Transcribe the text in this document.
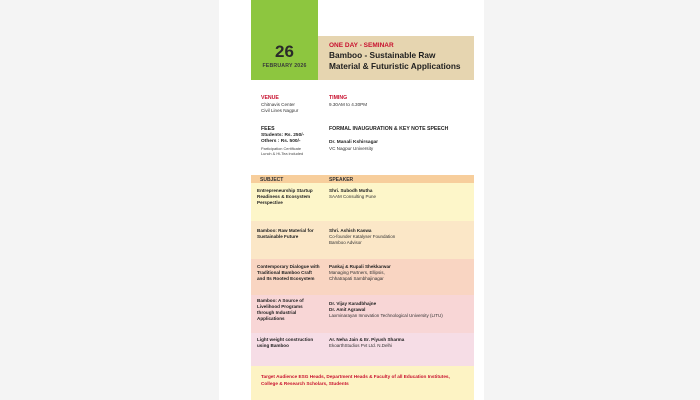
26
FEBRUARY 2026
ONE DAY - SEMINAR
Bamboo - Sustainable Raw Material & Futuristic Applications
VENUE
Chitnavis Center
Civil Lines Nagpur
TIMING
9.30AM to 4.30PM
FEES
Students: Rs. 250/-
Others : Rs. 500/-
Participation Certificate
Lunch & Hi-Tea included
FORMAL INAUGURATION & KEY NOTE SPEECH
Dr. Manali Kshirsagar
VC Nagpur University
SUBJECT	SPEAKER
Entrepreneurship Startup Readiness & Ecosystem Perspective
Shri. Subodh Mutha
SAAM Consulting Pune
Bamboo: Raw Material for Sustainable Future
Shri. Ashish Kaswa
Co-founder Katalyser Foundation
Bamboo Advisor
Contemporary Dialogue with Traditional Bamboo Craft and Its Rooted Ecosystem
Pankaj & Rupali Shekkarwar
Managing Partners, Ellipsis,
Chhatrapati Sambhajinagar
Bamboo: A Source of Livelihood Programs through Industrial Applications
Dr. Vijay Karadbhajne
Dr. Amit Agrawal
Laxminarayan Innovation Technological University (LITU)
Light weight construction using Bamboo
Ar. Neha Jain & Er. Piyush Sharma
EkoarthStudios Pvt Ltd. N.Delhi
Target Audience ESG Heads, Department Heads & Faculty of all Education Institutes, College & Research Scholars, Students
